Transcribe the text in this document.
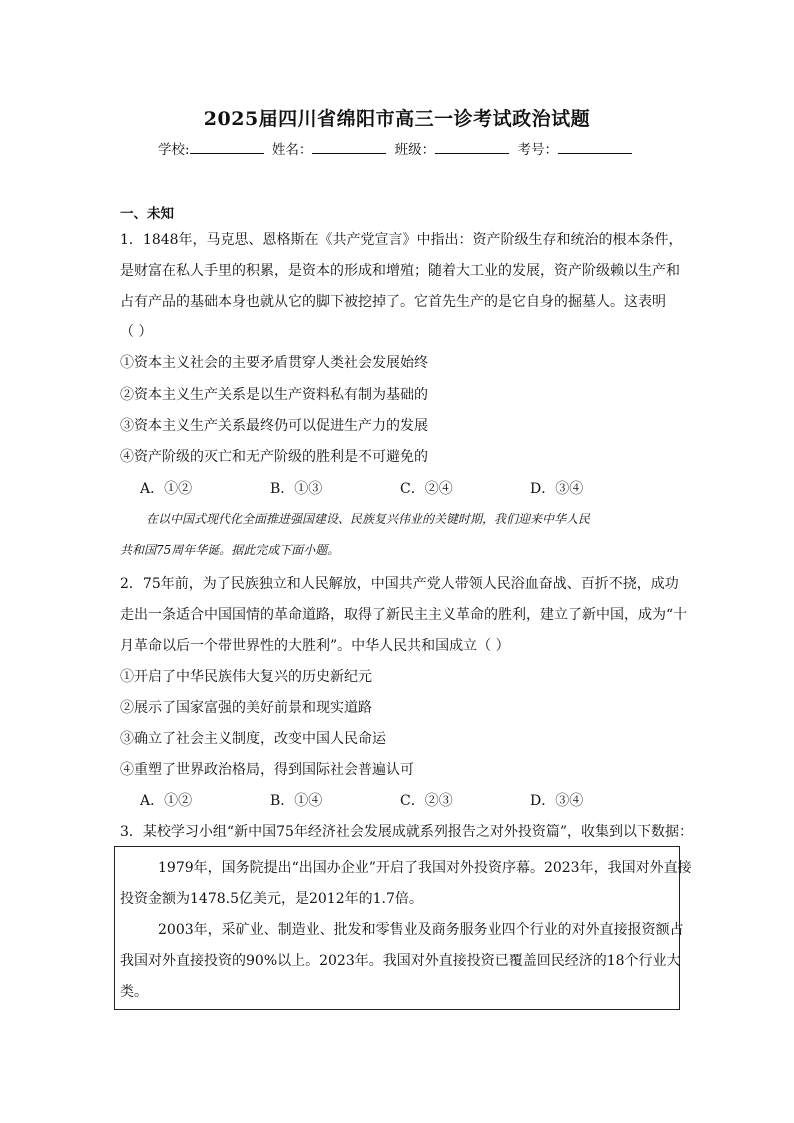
2025届四川省绵阳市高三一诊考试政治试题
学校:	姓名：	班级：	考号：
一、未知
1．1848年，马克思、恩格斯在《共产党宣言》中指出：资产阶级生存和统治的根本条件，
是财富在私人手里的积累，是资本的形成和增殖；随着大工业的发展，资产阶级赖以生产和
占有产品的基础本身也就从它的脚下被挖掉了。它首先生产的是它自身的掘墓人。这表明
（ ）
①资本主义社会的主要矛盾贯穿人类社会发展始终
②资本主义生产关系是以生产资料私有制为基础的
③资本主义生产关系最终仍可以促进生产力的发展
④资产阶级的灭亡和无产阶级的胜利是不可避免的
A．①②	B．①③	C．②④	D．③④
在以中国式现代化全面推进强国建设、民族复兴伟业的关键时期，我们迎来中华人民
共和国75周年华诞。据此完成下面小题。
2．75年前，为了民族独立和人民解放，中国共产党人带领人民浴血奋战、百折不挠，成功
走出一条适合中国国情的革命道路，取得了新民主主义革命的胜利，建立了新中国，成为“十
月革命以后一个带世界性的大胜利”。中华人民共和国成立（ ）
①开启了中华民族伟大复兴的历史新纪元
②展示了国家富强的美好前景和现实道路
③确立了社会主义制度，改变中国人民命运
④重塑了世界政治格局，得到国际社会普遍认可
A．①②	B．①④	C．②③	D．③④
3．某校学习小组“新中国75年经济社会发展成就系列报告之对外投资篇”，收集到以下数据：
1979年，国务院提出“出国办企业”开启了我国对外投资序幕。2023年，我国对外直接
投资金额为1478.5亿美元，是2012年的1.7倍。
2003年，采矿业、制造业、批发和零售业及商务服务业四个行业的对外直接报资额占
我国对外直接投资的90%以上。2023年。我国对外直接投资已覆盖回民经济的18个行业大
类。
